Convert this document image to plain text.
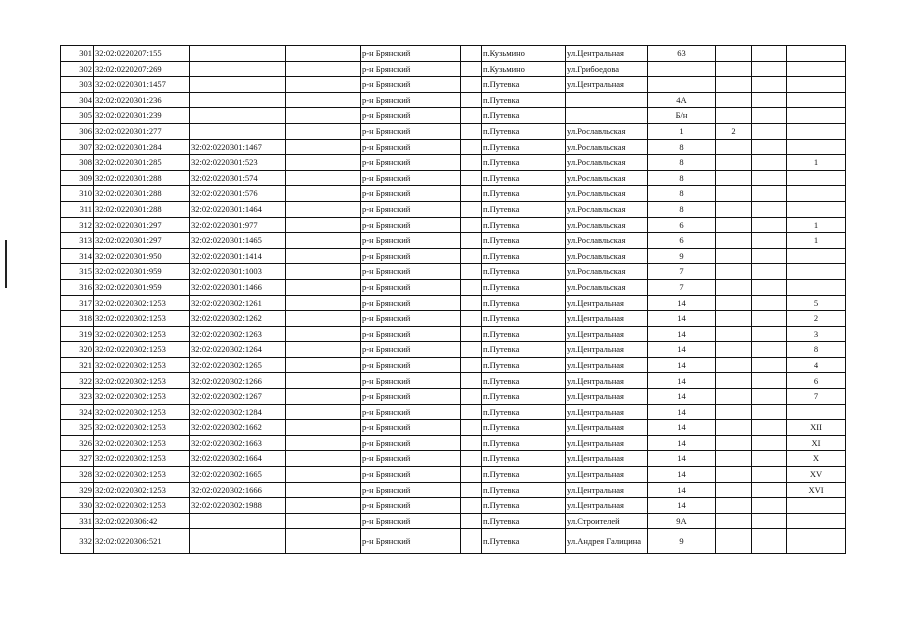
301	32:02:0220207:155			р-н Брянский		п.Кузьмино	ул.Центральная	63			
302	32:02:0220207:269			р-н Брянский		п.Кузьмино	ул.Грибоедова				
303	32:02:0220301:1457			р-н Брянский		п.Путевка	ул.Центральная				
304	32:02:0220301:236			р-н Брянский		п.Путевка		4А			
305	32:02:0220301:239			р-н Брянский		п.Путевка		Б/н			
306	32:02:0220301:277			р-н Брянский		п.Путевка	ул.Рославльская	1	2		
307	32:02:0220301:284	32:02:0220301:1467		р-н Брянский		п.Путевка	ул.Рославльская	8			
308	32:02:0220301:285	32:02:0220301:523		р-н Брянский		п.Путевка	ул.Рославльская	8			1
309	32:02:0220301:288	32:02:0220301:574		р-н Брянский		п.Путевка	ул.Рославльская	8			
310	32:02:0220301:288	32:02:0220301:576		р-н Брянский		п.Путевка	ул.Рославльская	8			
311	32:02:0220301:288	32:02:0220301:1464		р-н Брянский		п.Путевка	ул.Рославльская	8			
312	32:02:0220301:297	32:02:0220301:977		р-н Брянский		п.Путевка	ул.Рославльская	6			1
313	32:02:0220301:297	32:02:0220301:1465		р-н Брянский		п.Путевка	ул.Рославльская	6			1
314	32:02:0220301:950	32:02:0220301:1414		р-н Брянский		п.Путевка	ул.Рославльская	9			
315	32:02:0220301:959	32:02:0220301:1003		р-н Брянский		п.Путевка	ул.Рославльская	7			
316	32:02:0220301:959	32:02:0220301:1466		р-н Брянский		п.Путевка	ул.Рославльская	7			
317	32:02:0220302:1253	32:02:0220302:1261		р-н Брянский		п.Путевка	ул.Центральная	14			5
318	32:02:0220302:1253	32:02:0220302:1262		р-н Брянский		п.Путевка	ул.Центральная	14			2
319	32:02:0220302:1253	32:02:0220302:1263		р-н Брянский		п.Путевка	ул.Центральная	14			3
320	32:02:0220302:1253	32:02:0220302:1264		р-н Брянский		п.Путевка	ул.Центральная	14			8
321	32:02:0220302:1253	32:02:0220302:1265		р-н Брянский		п.Путевка	ул.Центральная	14			4
322	32:02:0220302:1253	32:02:0220302:1266		р-н Брянский		п.Путевка	ул.Центральная	14			6
323	32:02:0220302:1253	32:02:0220302:1267		р-н Брянский		п.Путевка	ул.Центральная	14			7
324	32:02:0220302:1253	32:02:0220302:1284		р-н Брянский		п.Путевка	ул.Центральная	14			
325	32:02:0220302:1253	32:02:0220302:1662		р-н Брянский		п.Путевка	ул.Центральная	14			XII
326	32:02:0220302:1253	32:02:0220302:1663		р-н Брянский		п.Путевка	ул.Центральная	14			XI
327	32:02:0220302:1253	32:02:0220302:1664		р-н Брянский		п.Путевка	ул.Центральная	14			X
328	32:02:0220302:1253	32:02:0220302:1665		р-н Брянский		п.Путевка	ул.Центральная	14			XV
329	32:02:0220302:1253	32:02:0220302:1666		р-н Брянский		п.Путевка	ул.Центральная	14			XVI
330	32:02:0220302:1253	32:02:0220302:1988		р-н Брянский		п.Путевка	ул.Центральная	14			
331	32:02:0220306:42			р-н Брянский		п.Путевка	ул.Строителей	9А			
332	32:02:0220306:521			р-н Брянский		п.Путевка	ул.Андрея Галицина	9			
